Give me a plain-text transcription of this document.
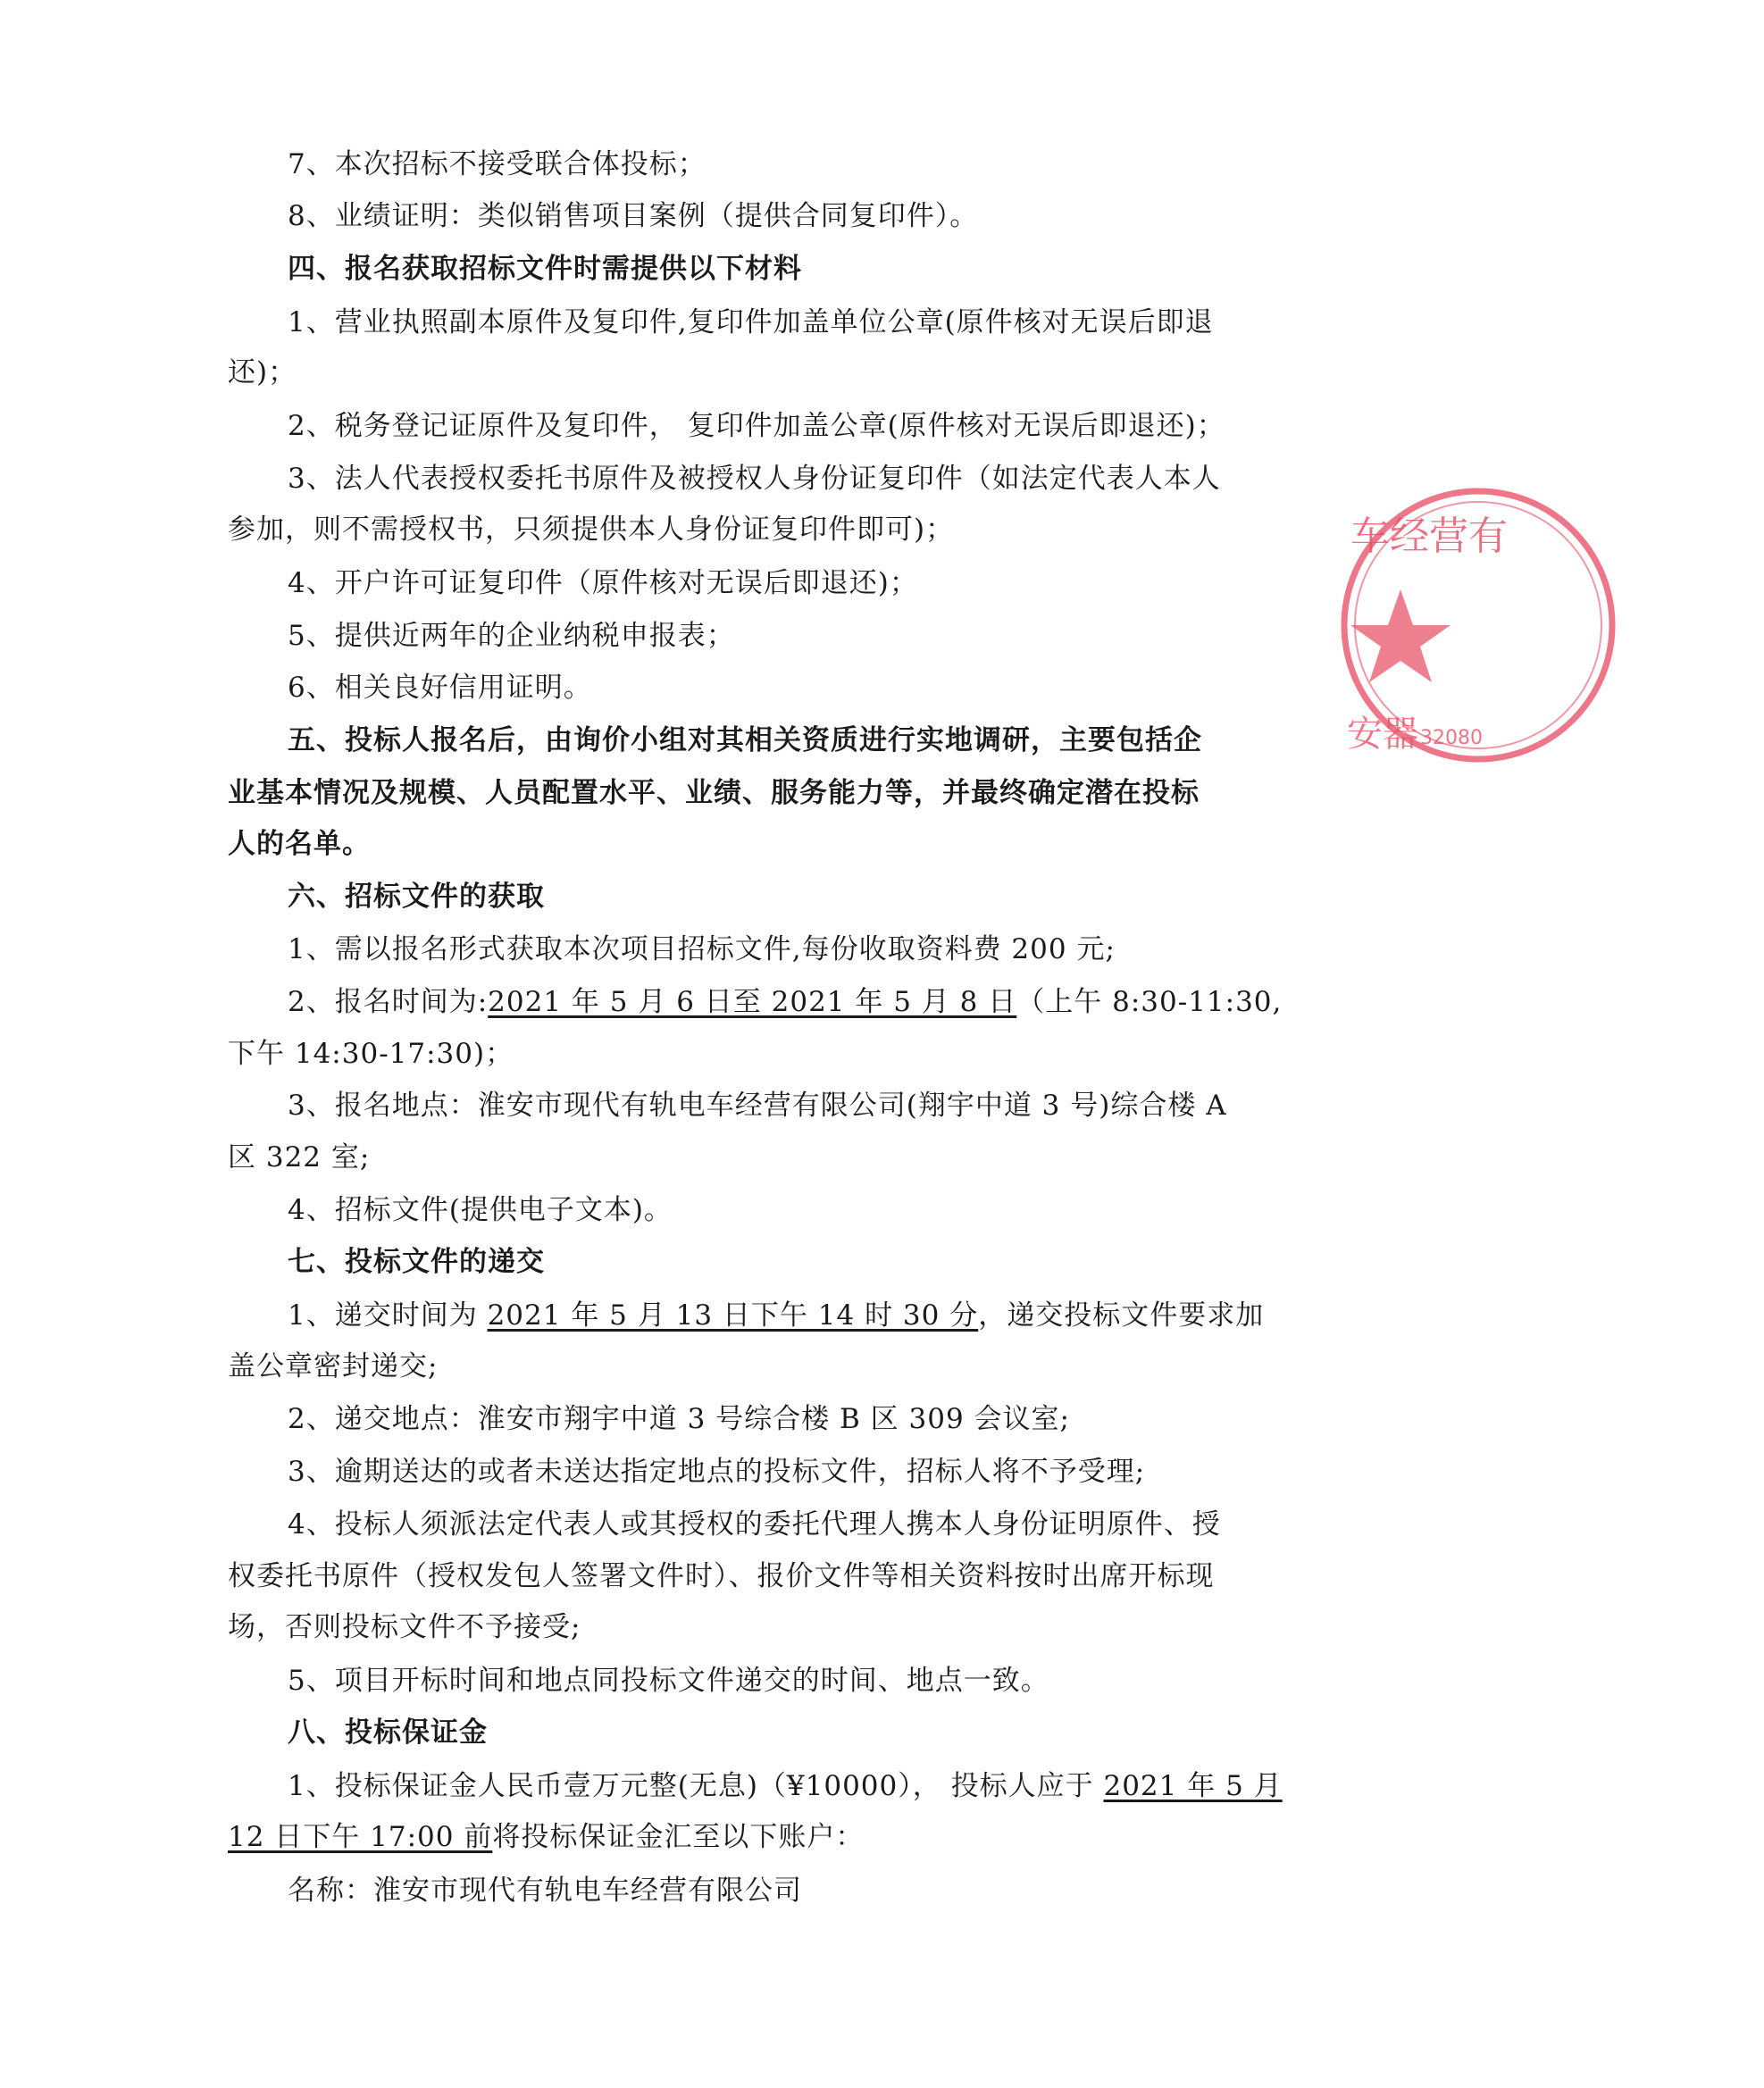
7、本次招标不接受联合体投标；
8、业绩证明：类似销售项目案例（提供合同复印件）。
四、报名获取招标文件时需提供以下材料
1、营业执照副本原件及复印件,复印件加盖单位公章(原件核对无误后即退
还)；
2、税务登记证原件及复印件， 复印件加盖公章(原件核对无误后即退还)；
3、法人代表授权委托书原件及被授权人身份证复印件（如法定代表人本人
参加，则不需授权书，只须提供本人身份证复印件即可)；
4、开户许可证复印件（原件核对无误后即退还)；
5、提供近两年的企业纳税申报表；
6、相关良好信用证明。
五、投标人报名后，由询价小组对其相关资质进行实地调研，主要包括企
业基本情况及规模、人员配置水平、业绩、服务能力等，并最终确定潜在投标
人的名单。
六、招标文件的获取
1、需以报名形式获取本次项目招标文件,每份收取资料费 200 元;
2、报名时间为:2021 年 5 月 6 日至 2021 年 5 月 8 日（上午 8:30-11:30,
下午 14:30-17:30)；
3、报名地点：淮安市现代有轨电车经营有限公司(翔宇中道 3 号)综合楼 A
区 322 室;
4、招标文件(提供电子文本)。
七、投标文件的递交
1、递交时间为 2021 年 5 月 13 日下午 14 时 30 分，递交投标文件要求加
盖公章密封递交;
2、递交地点：淮安市翔宇中道 3 号综合楼 B 区 309 会议室;
3、逾期送达的或者未送达指定地点的投标文件，招标人将不予受理;
4、投标人须派法定代表人或其授权的委托代理人携本人身份证明原件、授
权委托书原件（授权发包人签署文件时）、报价文件等相关资料按时出席开标现
场，否则投标文件不予接受;
5、项目开标时间和地点同投标文件递交的时间、地点一致。
八、投标保证金
1、投标保证金人民币壹万元整(无息)（¥10000）， 投标人应于 2021 年 5 月
12 日下午 17:00 前将投标保证金汇至以下账户：
名称：淮安市现代有轨电车经营有限公司
车经营有
安器 32080
